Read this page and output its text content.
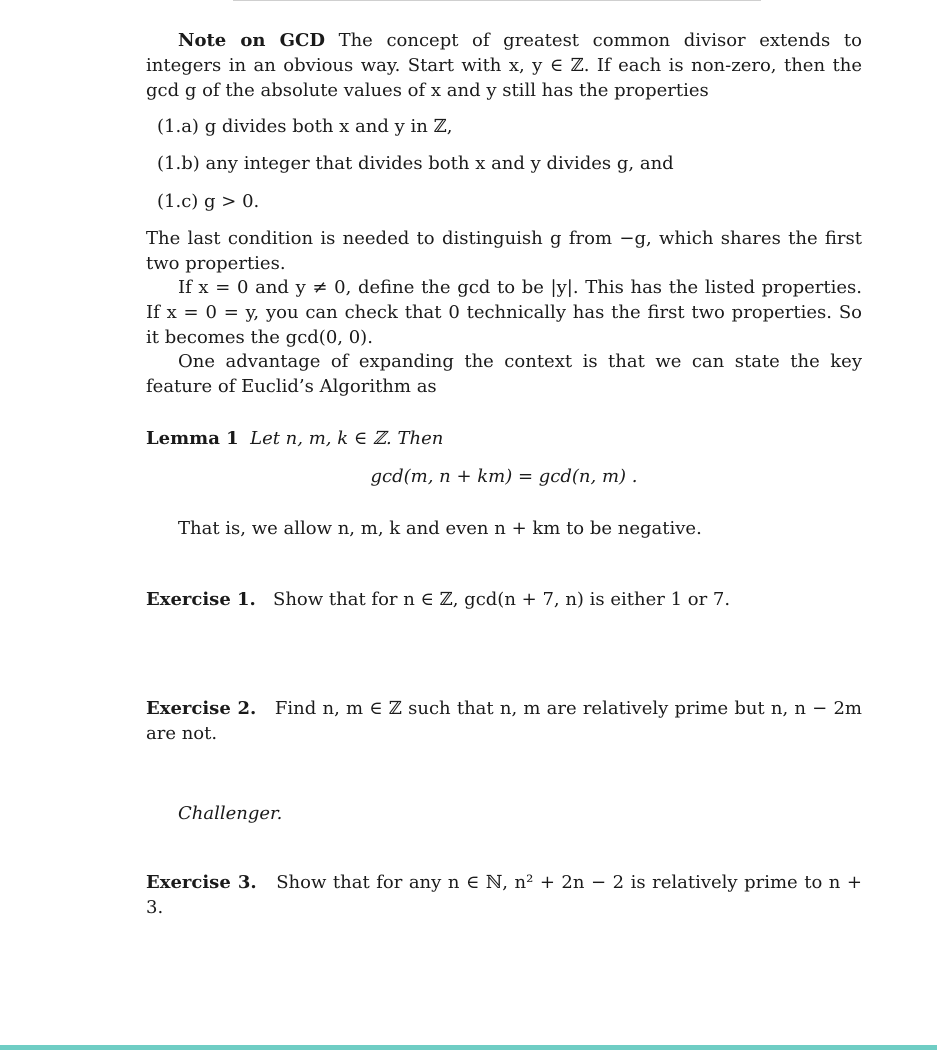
Note on GCD The concept of greatest common divisor extends to integers in an obvious way. Start with x, y ∈ ℤ. If each is non-zero, then the gcd g of the absolute values of x and y still has the properties

(1.a) g divides both x and y in ℤ,

(1.b) any integer that divides both x and y divides g, and

(1.c) g > 0.

The last condition is needed to distinguish g from −g, which shares the first two properties.

If x = 0 and y ≠ 0, define the gcd to be |y|. This has the listed properties. If x = 0 = y, you can check that 0 technically has the first two properties. So it becomes the gcd(0, 0).

One advantage of expanding the context is that we can state the key feature of Euclid’s Algorithm as

Lemma 1 Let n, m, k ∈ ℤ. Then

gcd(m, n + km) = gcd(n, m) .

That is, we allow n, m, k and even n + km to be negative.

Exercise 1. Show that for n ∈ ℤ, gcd(n + 7, n) is either 1 or 7.

Exercise 2. Find n, m ∈ ℤ such that n, m are relatively prime but n, n − 2m are not.

Challenger.

Exercise 3. Show that for any n ∈ ℕ, n² + 2n − 2 is relatively prime to n + 3.
